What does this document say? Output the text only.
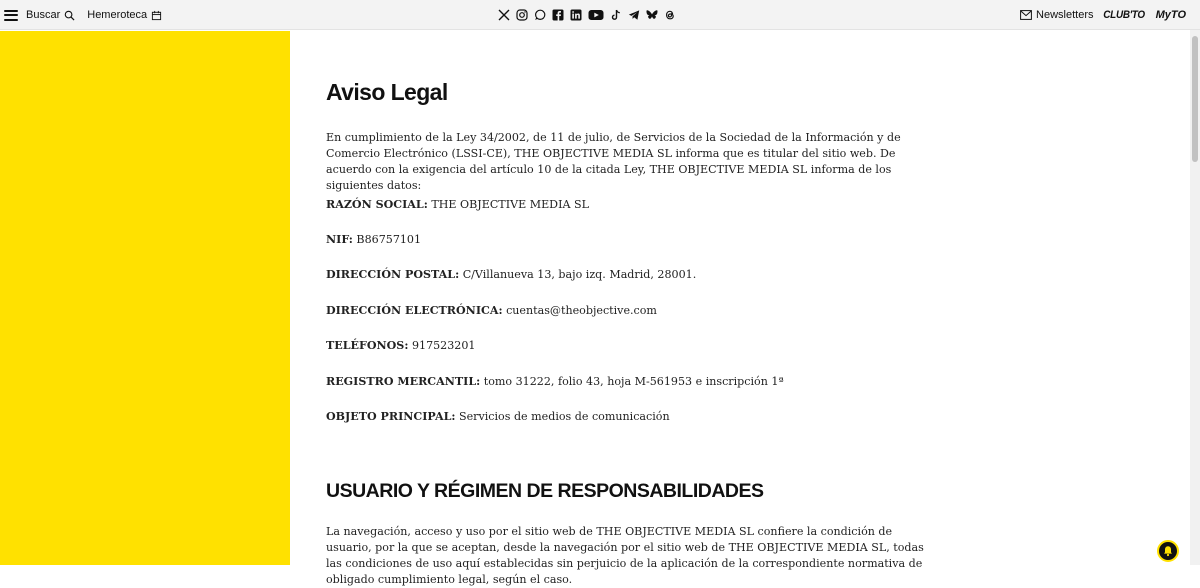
Buscar Hemeroteca	Newsletters CLUB'TO MyTO
Aviso Legal

En cumplimiento de la Ley 34/2002, de 11 de julio, de Servicios de la Sociedad de la Información y de Comercio Electrónico (LSSI-CE), THE OBJECTIVE MEDIA SL informa que es titular del sitio web. De acuerdo con la exigencia del artículo 10 de la citada Ley, THE OBJECTIVE MEDIA SL informa de los siguientes datos:

RAZÓN SOCIAL: THE OBJECTIVE MEDIA SL

NIF: B86757101

DIRECCIÓN POSTAL: C/Villanueva 13, bajo izq. Madrid, 28001.

DIRECCIÓN ELECTRÓNICA: cuentas@theobjective.com

TELÉFONOS: 917523201

REGISTRO MERCANTIL: tomo 31222, folio 43, hoja M-561953 e inscripción 1ª

OBJETO PRINCIPAL: Servicios de medios de comunicación

USUARIO Y RÉGIMEN DE RESPONSABILIDADES

La navegación, acceso y uso por el sitio web de THE OBJECTIVE MEDIA SL confiere la condición de usuario, por la que se aceptan, desde la navegación por el sitio web de THE OBJECTIVE MEDIA SL, todas las condiciones de uso aquí establecidas sin perjuicio de la aplicación de la correspondiente normativa de obligado cumplimiento legal, según el caso.
